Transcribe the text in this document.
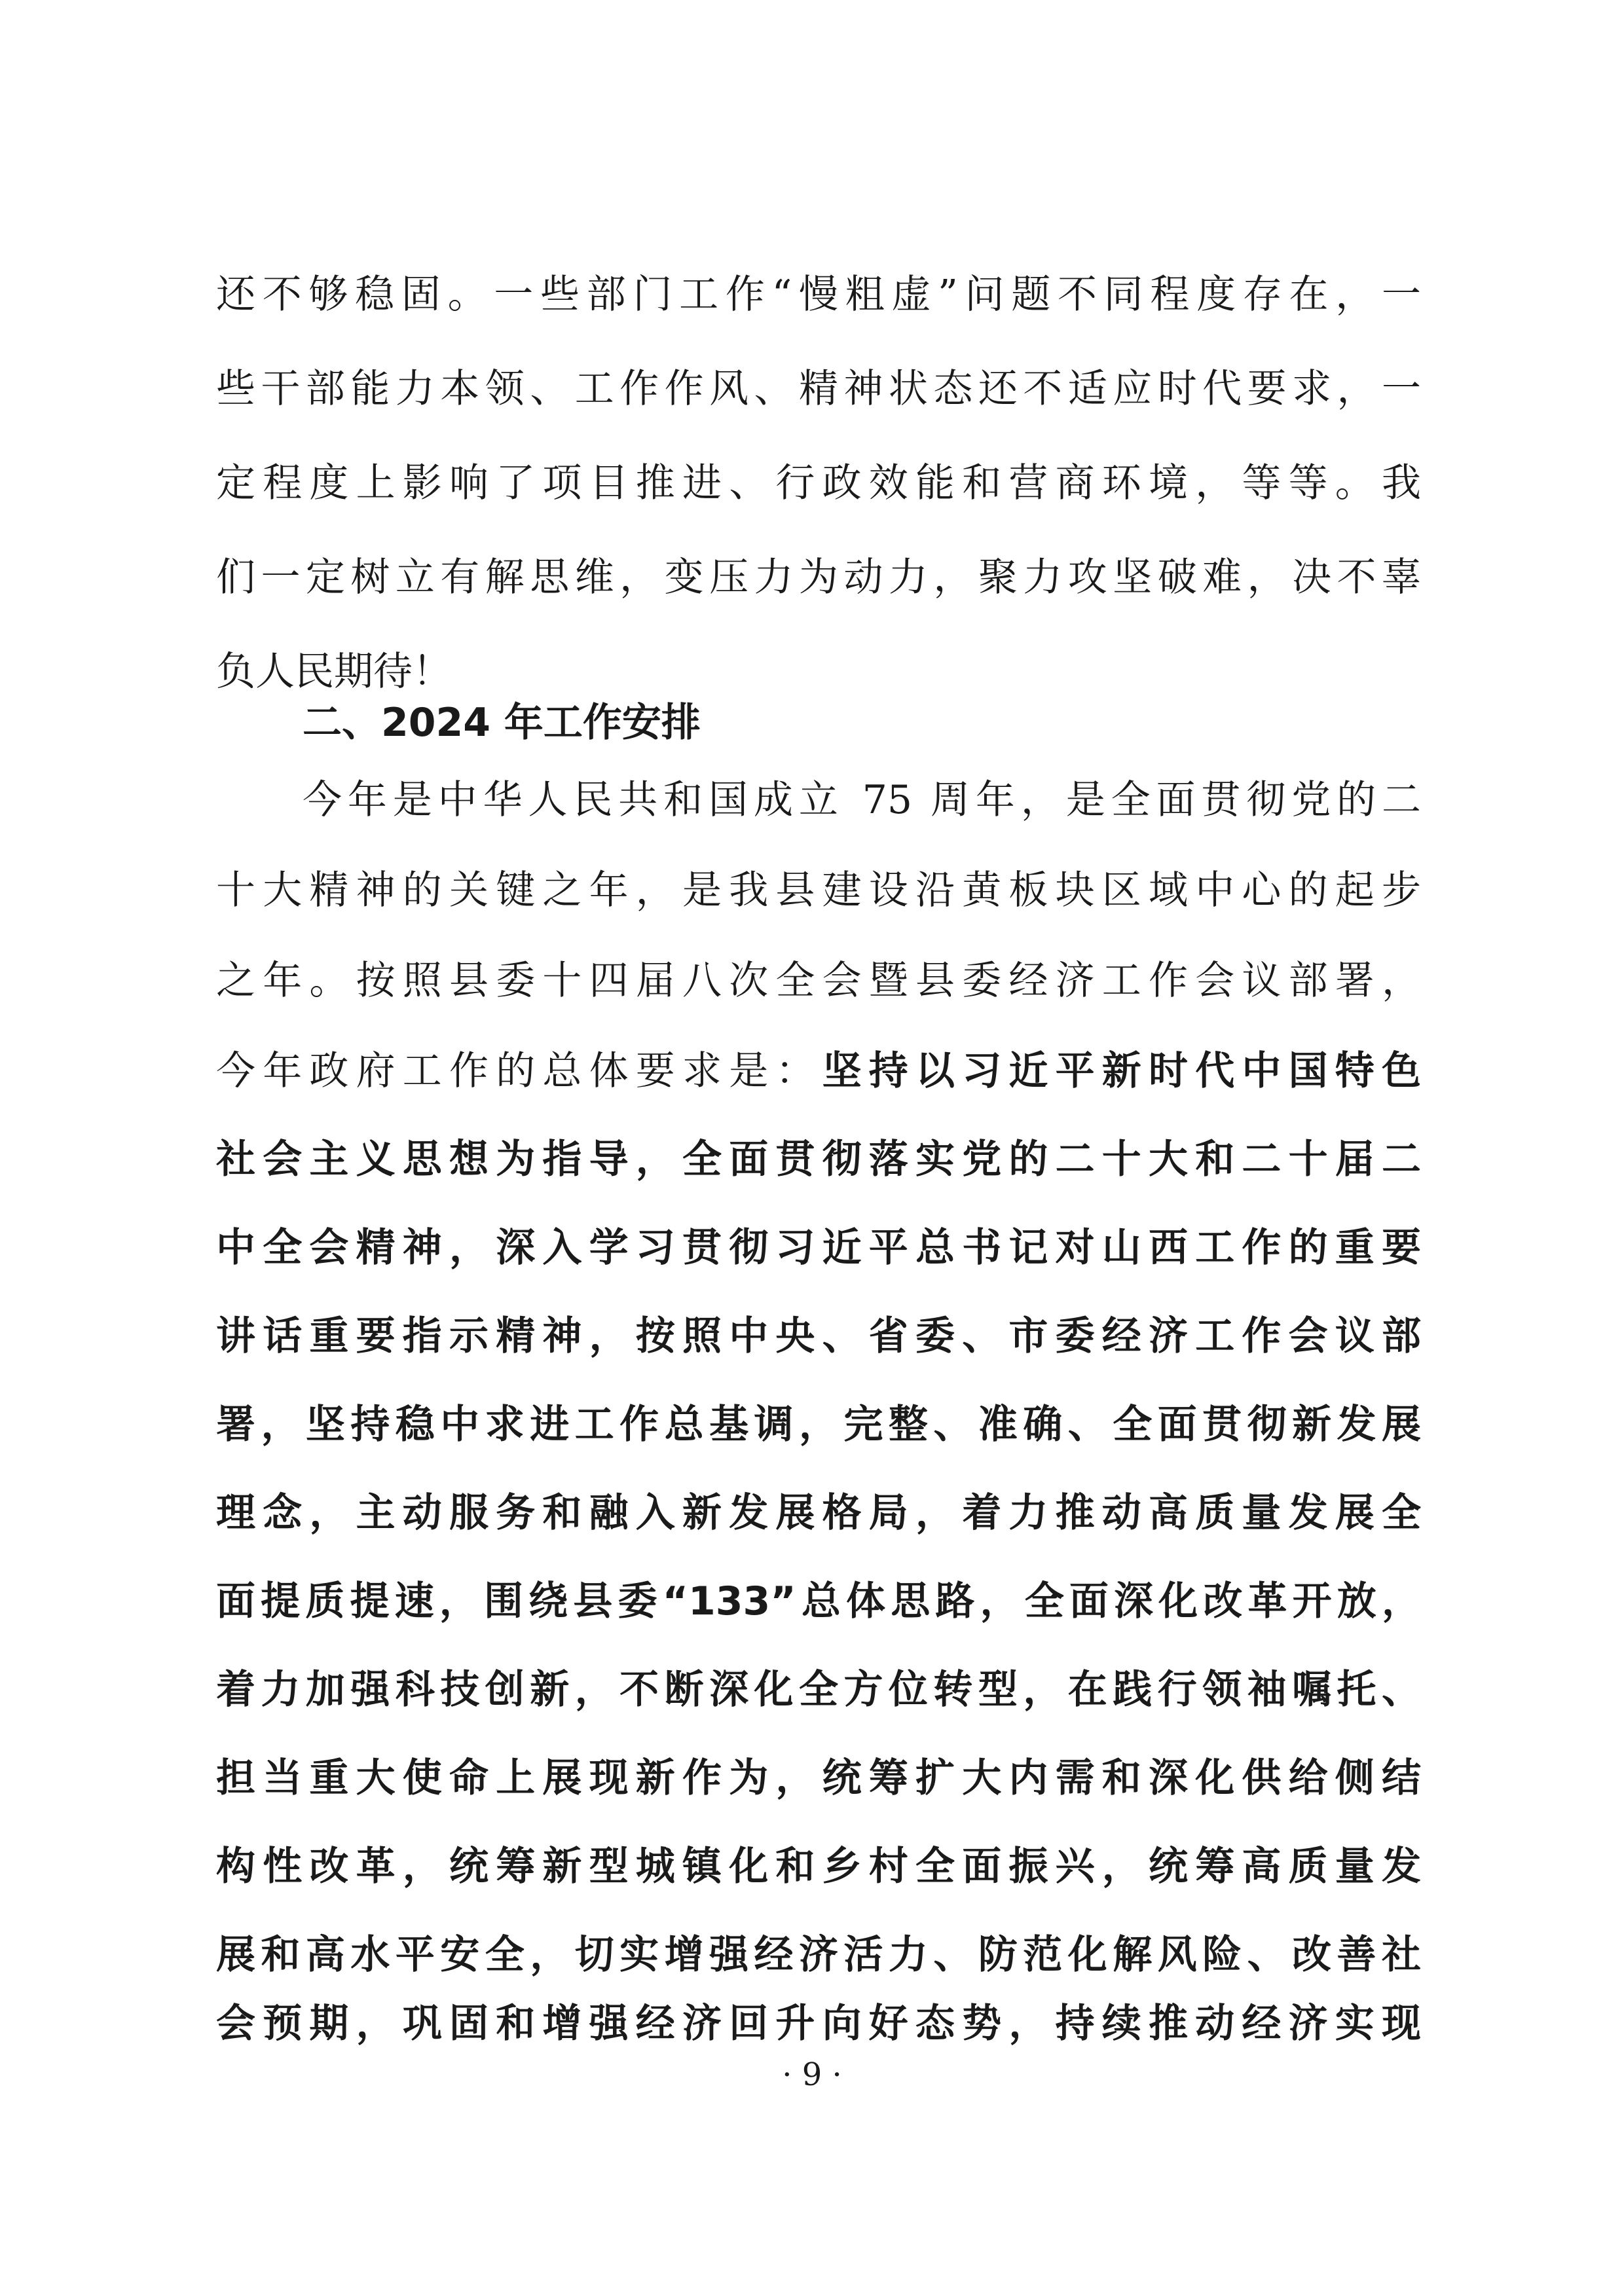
还不够稳固。一些部门工作“慢粗虚”问题不同程度存在，一
些干部能力本领、工作作风、精神状态还不适应时代要求，一
定程度上影响了项目推进、行政效能和营商环境，等等。我
们一定树立有解思维，变压力为动力，聚力攻坚破难，决不辜
负人民期待！
二、2024 年工作安排
今年是中华人民共和国成立 75 周年，是全面贯彻党的二
十大精神的关键之年，是我县建设沿黄板块区域中心的起步
之年。按照县委十四届八次全会暨县委经济工作会议部署，
今年政府工作的总体要求是：坚持以习近平新时代中国特色
社会主义思想为指导，全面贯彻落实党的二十大和二十届二
中全会精神，深入学习贯彻习近平总书记对山西工作的重要
讲话重要指示精神，按照中央、省委、市委经济工作会议部
署，坚持稳中求进工作总基调，完整、准确、全面贯彻新发展
理念，主动服务和融入新发展格局，着力推动高质量发展全
面提质提速，围绕县委“133”总体思路，全面深化改革开放，
着力加强科技创新，不断深化全方位转型，在践行领袖嘱托、
担当重大使命上展现新作为，统筹扩大内需和深化供给侧结
构性改革，统筹新型城镇化和乡村全面振兴，统筹高质量发
展和高水平安全，切实增强经济活力、防范化解风险、改善社
会预期，巩固和增强经济回升向好态势，持续推动经济实现
· 9 ·
